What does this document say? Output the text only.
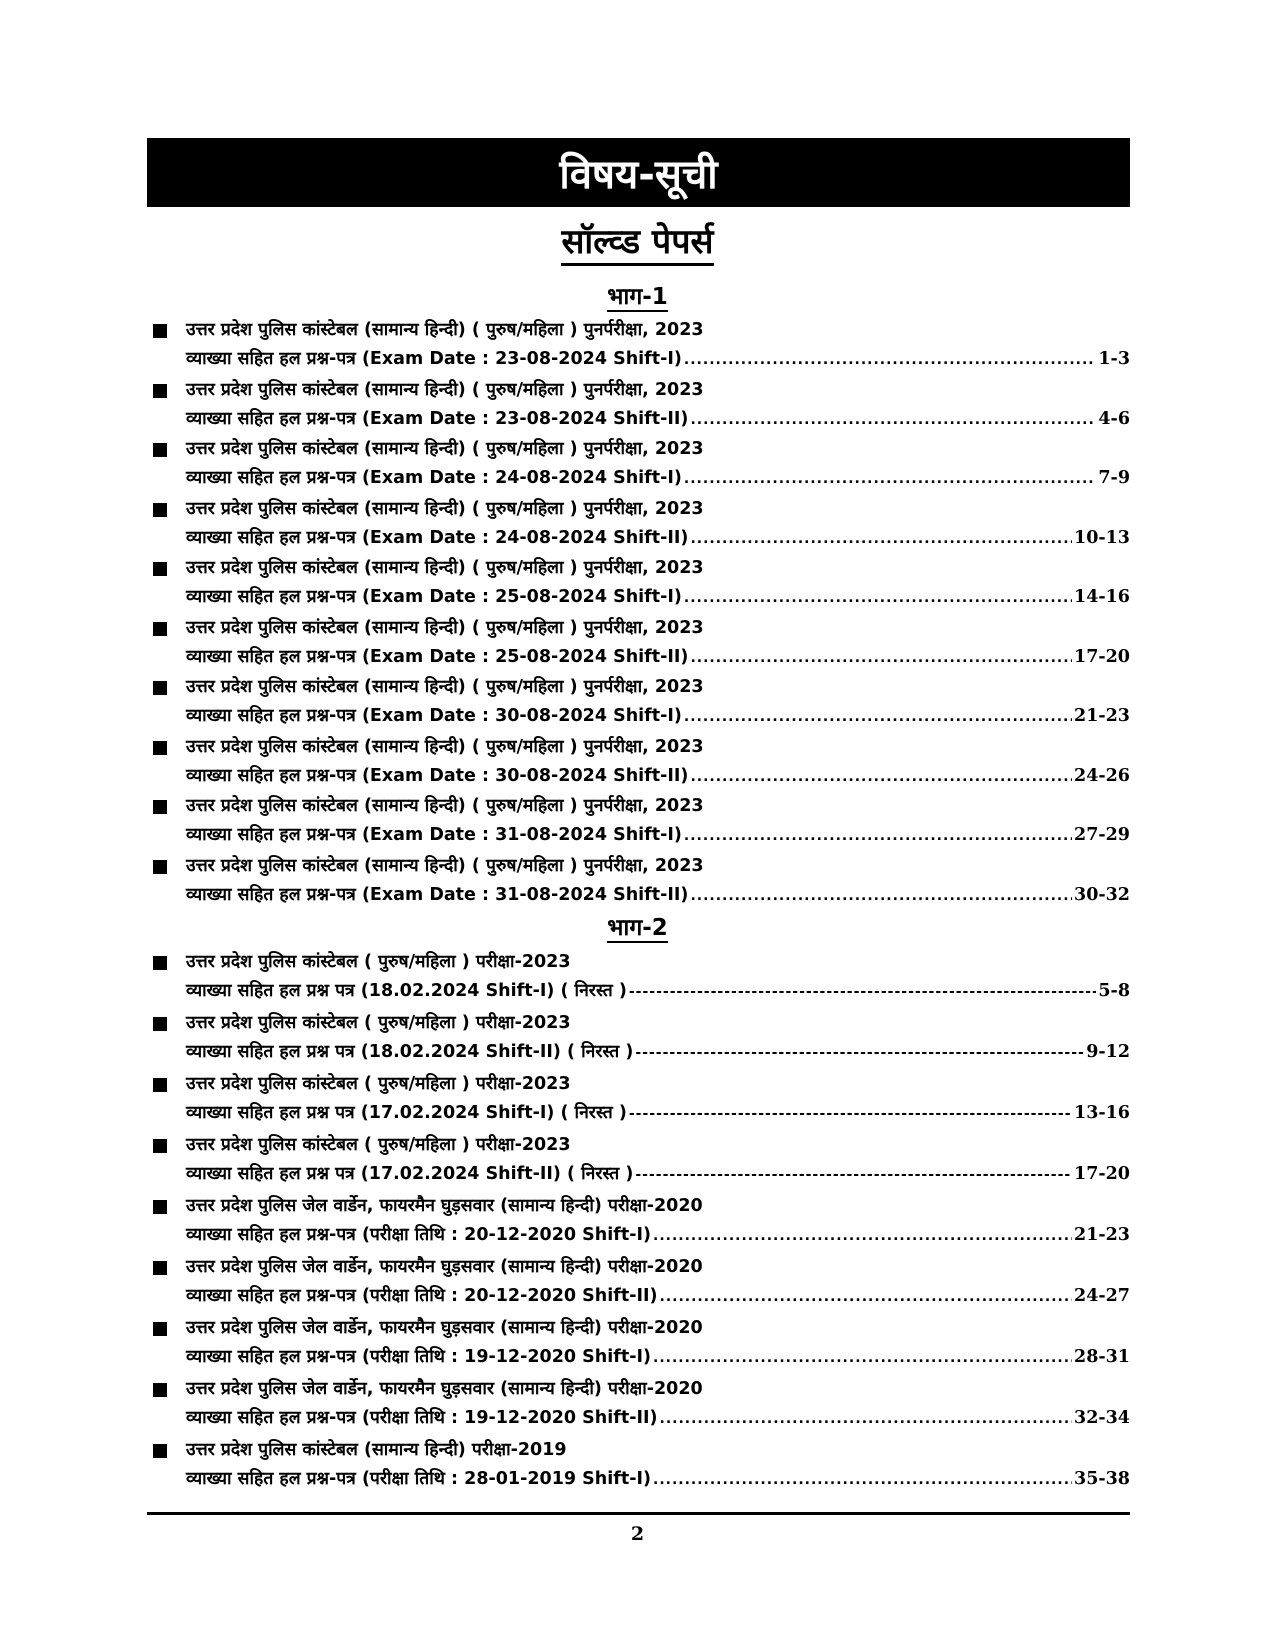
विषय-सूची
सॉल्व्ड पेपर्स
भाग-1
उत्तर प्रदेश पुलिस कांस्टेबल (सामान्य हिन्दी) ( पुरुष/महिला ) पुनर्परीक्षा, 2023
व्याख्या सहित हल प्रश्न-पत्र (Exam Date : 23-08-2024 Shift-I) .....	1-3
उत्तर प्रदेश पुलिस कांस्टेबल (सामान्य हिन्दी) ( पुरुष/महिला ) पुनर्परीक्षा, 2023
व्याख्या सहित हल प्रश्न-पत्र (Exam Date : 23-08-2024 Shift-II) .....	4-6
उत्तर प्रदेश पुलिस कांस्टेबल (सामान्य हिन्दी) ( पुरुष/महिला ) पुनर्परीक्षा, 2023
व्याख्या सहित हल प्रश्न-पत्र (Exam Date : 24-08-2024 Shift-I) .....	7-9
उत्तर प्रदेश पुलिस कांस्टेबल (सामान्य हिन्दी) ( पुरुष/महिला ) पुनर्परीक्षा, 2023
व्याख्या सहित हल प्रश्न-पत्र (Exam Date : 24-08-2024 Shift-II) .....	10-13
उत्तर प्रदेश पुलिस कांस्टेबल (सामान्य हिन्दी) ( पुरुष/महिला ) पुनर्परीक्षा, 2023
व्याख्या सहित हल प्रश्न-पत्र (Exam Date : 25-08-2024 Shift-I) .....	14-16
उत्तर प्रदेश पुलिस कांस्टेबल (सामान्य हिन्दी) ( पुरुष/महिला ) पुनर्परीक्षा, 2023
व्याख्या सहित हल प्रश्न-पत्र (Exam Date : 25-08-2024 Shift-II) .....	17-20
उत्तर प्रदेश पुलिस कांस्टेबल (सामान्य हिन्दी) ( पुरुष/महिला ) पुनर्परीक्षा, 2023
व्याख्या सहित हल प्रश्न-पत्र (Exam Date : 30-08-2024 Shift-I) .....	21-23
उत्तर प्रदेश पुलिस कांस्टेबल (सामान्य हिन्दी) ( पुरुष/महिला ) पुनर्परीक्षा, 2023
व्याख्या सहित हल प्रश्न-पत्र (Exam Date : 30-08-2024 Shift-II) .....	24-26
उत्तर प्रदेश पुलिस कांस्टेबल (सामान्य हिन्दी) ( पुरुष/महिला ) पुनर्परीक्षा, 2023
व्याख्या सहित हल प्रश्न-पत्र (Exam Date : 31-08-2024 Shift-I) .....	27-29
उत्तर प्रदेश पुलिस कांस्टेबल (सामान्य हिन्दी) ( पुरुष/महिला ) पुनर्परीक्षा, 2023
व्याख्या सहित हल प्रश्न-पत्र (Exam Date : 31-08-2024 Shift-II) .....	30-32
भाग-2
उत्तर प्रदेश पुलिस कांस्टेबल ( पुरुष/महिला ) परीक्षा-2023
व्याख्या सहित हल प्रश्न पत्र (18.02.2024 Shift-I) ( निरस्त ) -----	5-8
उत्तर प्रदेश पुलिस कांस्टेबल ( पुरुष/महिला ) परीक्षा-2023
व्याख्या सहित हल प्रश्न पत्र (18.02.2024 Shift-II) ( निरस्त ) -----	9-12
उत्तर प्रदेश पुलिस कांस्टेबल ( पुरुष/महिला ) परीक्षा-2023
व्याख्या सहित हल प्रश्न पत्र (17.02.2024 Shift-I) ( निरस्त ) -----	13-16
उत्तर प्रदेश पुलिस कांस्टेबल ( पुरुष/महिला ) परीक्षा-2023
व्याख्या सहित हल प्रश्न पत्र (17.02.2024 Shift-II) ( निरस्त ) -----	17-20
उत्तर प्रदेश पुलिस जेल वार्डेन, फायरमैन घुड़सवार (सामान्य हिन्दी) परीक्षा-2020
व्याख्या सहित हल प्रश्न-पत्र (परीक्षा तिथि : 20-12-2020 Shift-I) .....	21-23
उत्तर प्रदेश पुलिस जेल वार्डेन, फायरमैन घुड़सवार (सामान्य हिन्दी) परीक्षा-2020
व्याख्या सहित हल प्रश्न-पत्र (परीक्षा तिथि : 20-12-2020 Shift-II) .....	24-27
उत्तर प्रदेश पुलिस जेल वार्डेन, फायरमैन घुड़सवार (सामान्य हिन्दी) परीक्षा-2020
व्याख्या सहित हल प्रश्न-पत्र (परीक्षा तिथि : 19-12-2020 Shift-I) .....	28-31
उत्तर प्रदेश पुलिस जेल वार्डेन, फायरमैन घुड़सवार (सामान्य हिन्दी) परीक्षा-2020
व्याख्या सहित हल प्रश्न-पत्र (परीक्षा तिथि : 19-12-2020 Shift-II) .....	32-34
उत्तर प्रदेश पुलिस कांस्टेबल (सामान्य हिन्दी) परीक्षा-2019
व्याख्या सहित हल प्रश्न-पत्र (परीक्षा तिथि : 28-01-2019 Shift-I) .....	35-38
2
